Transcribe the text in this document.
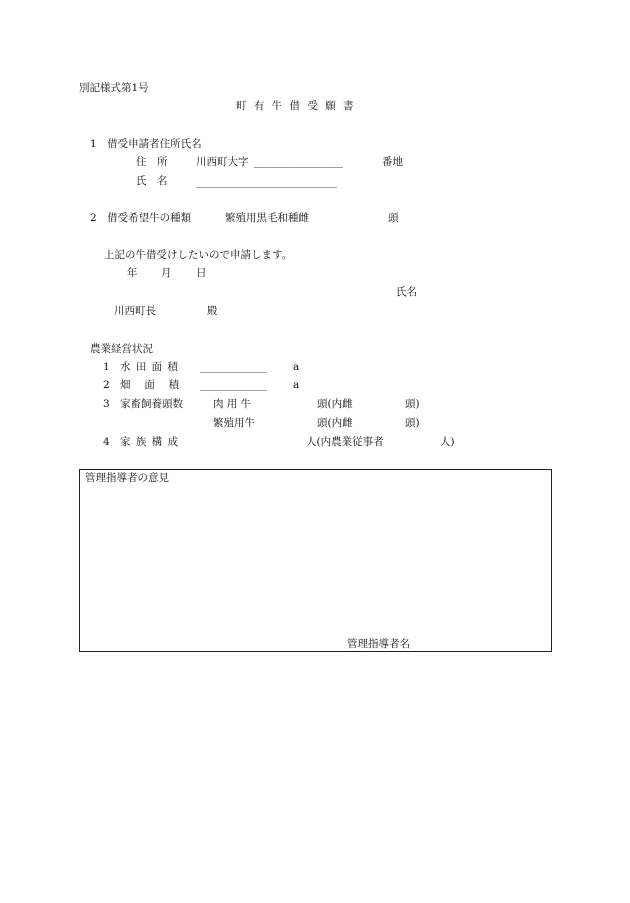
別記様式第1号
町 有 牛 借 受 願 書
1　借受申請者住所氏名
住　所	川西町大字 ___________________	番地
氏　名	_____________________________
2　借受希望牛の種類	繁殖用黒毛和種雌	頭
上記の牛借受けしたいので申請します。
年 月 日
氏名
川西町長	殿
農業経営状況
1 水 田 面 積 ______________	a
2 畑　 面　 積 ______________	a
3 家畜飼養頭数	肉 用 牛	頭(内雌	頭)
繁殖用牛	頭(内雌	頭)
4 家 族 構 成	人(内農業従事者	人)
管理指導者の意見
管理指導者名
